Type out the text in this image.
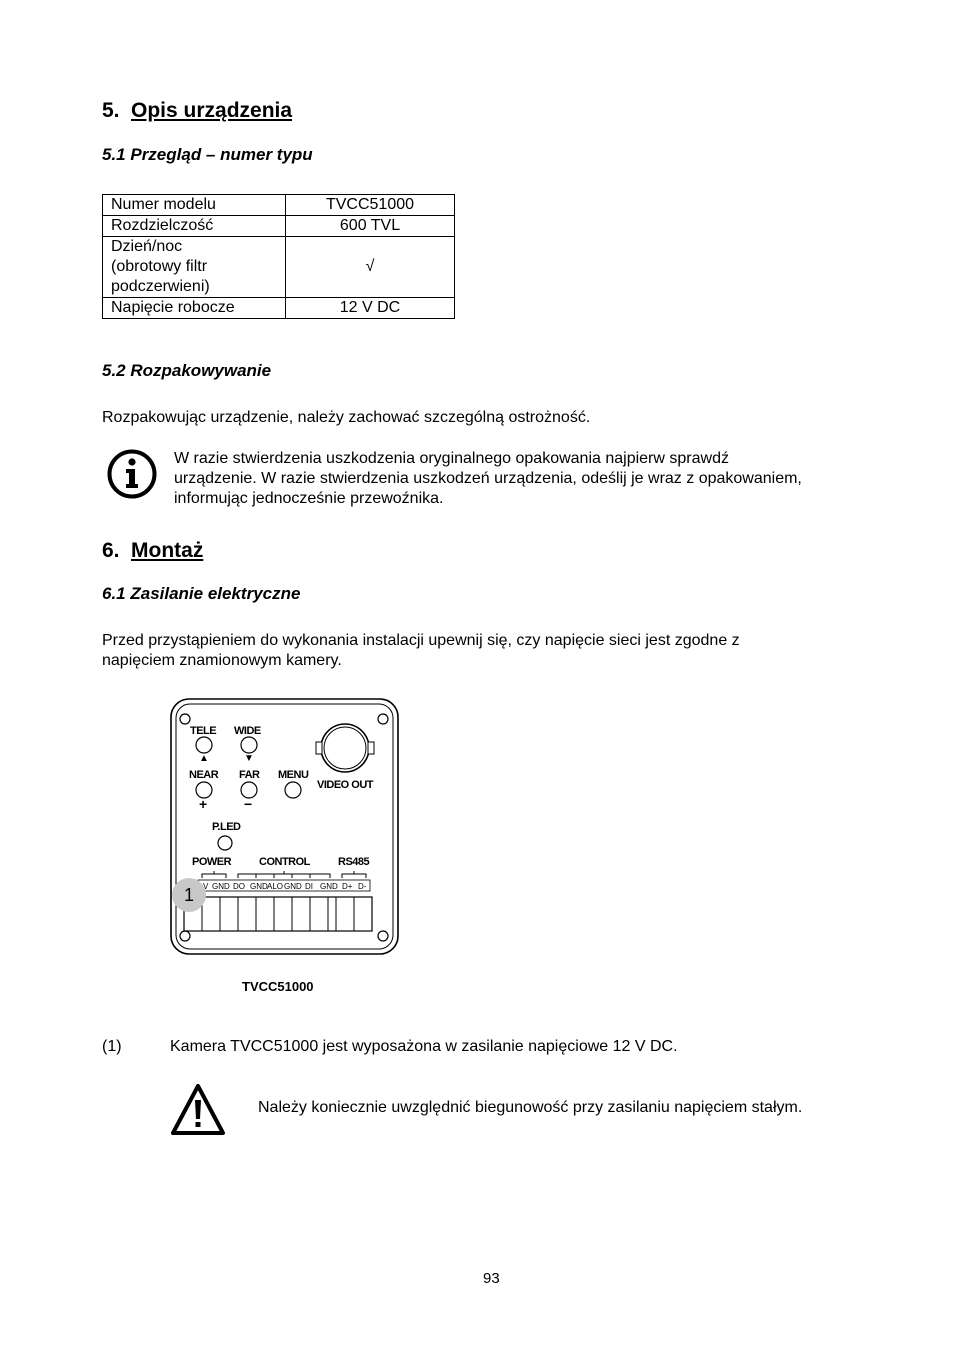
5. Opis urządzenia
5.1 Przegląd – numer typu
Numer modelu	TVCC51000
Rozdzielczość	600 TVL

Dzień/noc
(obrotowy filtr
podczerwieni)	√
Napięcie robocze	12 V DC
5.2 Rozpakowywanie
Rozpakowując urządzenie, należy zachować szczególną ostrożność.
W razie stwierdzenia uszkodzenia oryginalnego opakowania najpierw sprawdź
urządzenie. W razie stwierdzenia uszkodzeń urządzenia, odeślij je wraz z opakowaniem,
informując jednocześnie przewoźnika.
6. Montaż
6.1 Zasilanie elektryczne
Przed przystąpieniem do wykonania instalacji upewnij się, czy napięcie sieci jest zgodne z
napięciem znamionowym kamery.
TELE WIDE
▲	▼
NEAR FAR MENU
VIDEO OUT
+	−
P.LED
POWER	CONTROL	RS485
V GND DO GND ALO GND DI GND D+ D-
1
TVCC51000
(1)	Kamera TVCC51000 jest wyposażona w zasilanie napięciowe 12 V DC.
Należy koniecznie uwzględnić biegunowość przy zasilaniu napięciem stałym.
93
